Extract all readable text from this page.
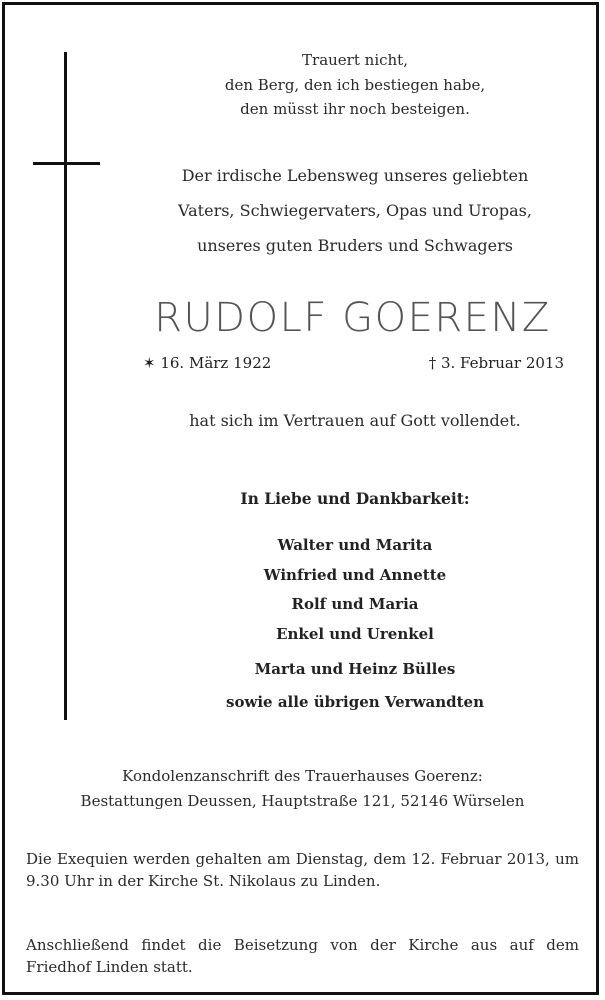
Trauert nicht,
den Berg, den ich bestiegen habe,
den müsst ihr noch besteigen.
Der irdische Lebensweg unseres geliebten
Vaters, Schwiegervaters, Opas und Uropas,
unseres guten Bruders und Schwagers
RUDOLF GOERENZ
✶ 16. März 1922	† 3. Februar 2013
hat sich im Vertrauen auf Gott vollendet.
In Liebe und Dankbarkeit:
Walter und Marita
Winfried und Annette
Rolf und Maria
Enkel und Urenkel
Marta und Heinz Bülles
sowie alle übrigen Verwandten
Kondolenzanschrift des Trauerhauses Goerenz:
Bestattungen Deussen, Hauptstraße 121, 52146 Würselen
Die Exequien werden gehalten am Dienstag, dem 12. Februar 2013, um 9.30 Uhr in der Kirche St. Nikolaus zu Linden.
Anschließend findet die Beisetzung von der Kirche aus auf dem Friedhof Linden statt.
